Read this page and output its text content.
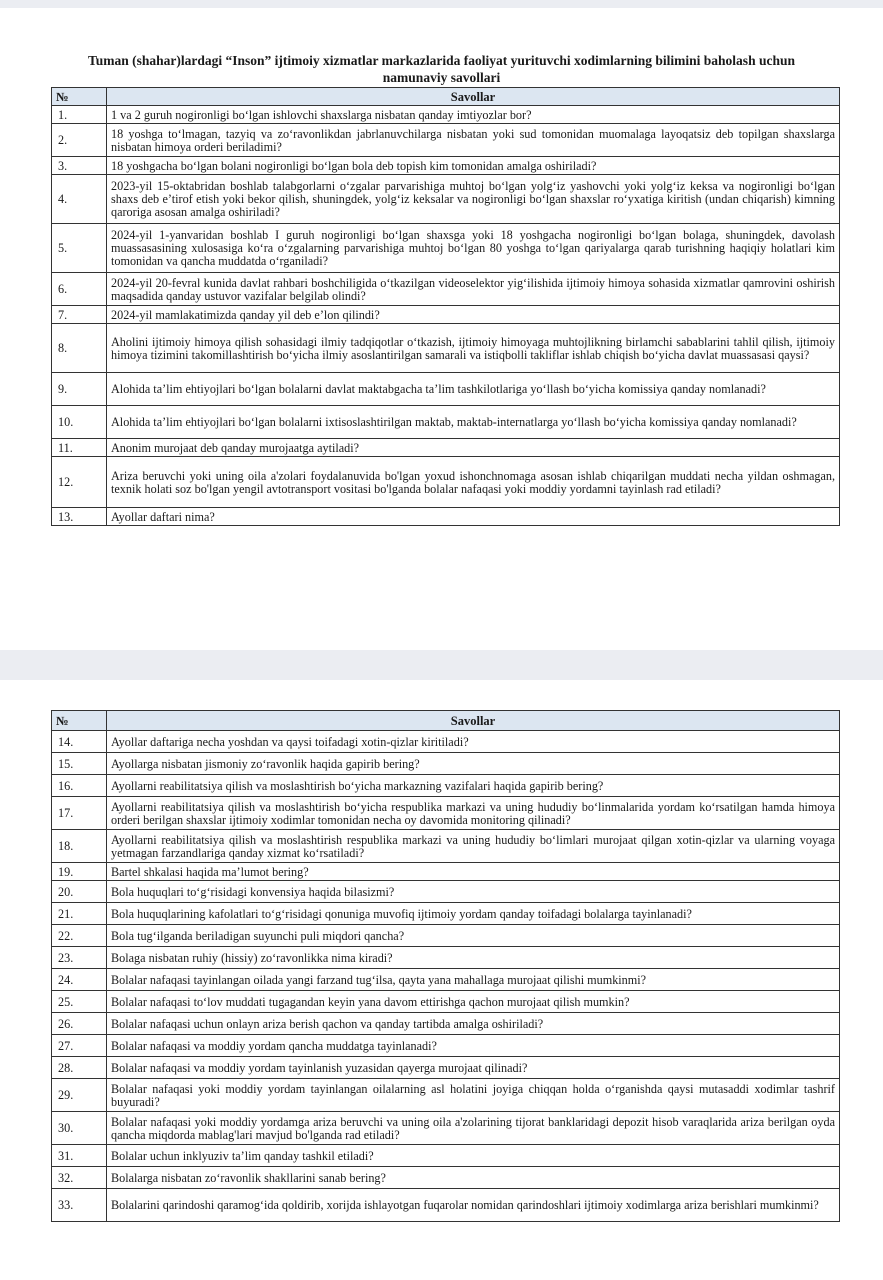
Tuman (shahar)lardagi “Inson” ijtimoiy xizmatlar markazlarida faoliyat yurituvchi xodimlarning bilimini baholash uchun namunaviy savollari
№	Savollar
1.	1 va 2 guruh nogironligi bo‘lgan ishlovchi shaxslarga nisbatan qanday imtiyozlar bor?
2.	18 yoshga to‘lmagan, tazyiq va zo‘ravonlikdan jabrlanuvchilarga nisbatan yoki sud tomonidan muomalaga layoqatsiz deb topilgan shaxslarga nisbatan himoya orderi beriladimi?
3.	18 yoshgacha bo‘lgan bolani nogironligi bo‘lgan bola deb topish kim tomonidan amalga oshiriladi?
4.	2023-yil 15-oktabridan boshlab talabgorlarni o‘zgalar parvarishiga muhtoj bo‘lgan yolg‘iz yashovchi yoki yolg‘iz keksa va nogironligi bo‘lgan shaxs deb e’tirof etish yoki bekor qilish, shuningdek, yolg‘iz keksalar va nogironligi bo‘lgan shaxslar ro‘yxatiga kiritish (undan chiqarish) kimning qaroriga asosan amalga oshiriladi?
5.	2024-yil 1-yanvaridan boshlab I guruh nogironligi bo‘lgan shaxsga yoki 18 yoshgacha nogironligi bo‘lgan bolaga, shuningdek, davolash muassasasining xulosasiga ko‘ra o‘zgalarning parvarishiga muhtoj bo‘lgan 80 yoshga to‘lgan qariyalarga qarab turishning haqiqiy holatlari kim tomonidan va qancha muddatda o‘rganiladi?
6.	2024-yil 20-fevral kunida davlat rahbari boshchiligida o‘tkazilgan videoselektor yig‘ilishida ijtimoiy himoya sohasida xizmatlar qamrovini oshirish maqsadida qanday ustuvor vazifalar belgilab olindi?
7.	2024-yil mamlakatimizda qanday yil deb e’lon qilindi?
8.	Aholini ijtimoiy himoya qilish sohasidagi ilmiy tadqiqotlar o‘tkazish, ijtimoiy himoyaga muhtojlikning birlamchi sabablarini tahlil qilish, ijtimoiy himoya tizimini takomillashtirish bo‘yicha ilmiy asoslantirilgan samarali va istiqbolli takliflar ishlab chiqish bo‘yicha davlat muassasasi qaysi?
9.	Alohida ta’lim ehtiyojlari bo‘lgan bolalarni davlat maktabgacha ta’lim tashkilotlariga yo‘llash bo‘yicha komissiya qanday nomlanadi?
10.	Alohida ta’lim ehtiyojlari bo‘lgan bolalarni ixtisoslashtirilgan maktab, maktab-internatlarga yo‘llash bo‘yicha komissiya qanday nomlanadi?
11.	Anonim murojaat deb qanday murojaatga aytiladi?
12.	Ariza beruvchi yoki uning oila a'zolari foydalanuvida bo'lgan yoxud ishonchnomaga asosan ishlab chiqarilgan muddati necha yildan oshmagan, texnik holati soz bo'lgan yengil avtotransport vositasi bo'lganda bolalar nafaqasi yoki moddiy yordamni tayinlash rad etiladi?
13.	Ayollar daftari nima?
№	Savollar
14.	Ayollar daftariga necha yoshdan va qaysi toifadagi xotin-qizlar kiritiladi?
15.	Ayollarga nisbatan jismoniy zo‘ravonlik haqida gapirib bering?
16.	Ayollarni reabilitatsiya qilish va moslashtirish bo‘yicha markazning vazifalari haqida gapirib bering?
17.	Ayollarni reabilitatsiya qilish va moslashtirish bo‘yicha respublika markazi va uning hududiy bo‘linmalarida yordam ko‘rsatilgan hamda himoya orderi berilgan shaxslar ijtimoiy xodimlar tomonidan necha oy davomida monitoring qilinadi?
18.	Ayollarni reabilitatsiya qilish va moslashtirish respublika markazi va uning hududiy bo‘limlari murojaat qilgan xotin-qizlar va ularning voyaga yetmagan farzandlariga qanday xizmat ko‘rsatiladi?
19.	Bartel shkalasi haqida ma’lumot bering?
20.	Bola huquqlari to‘g‘risidagi konvensiya haqida bilasizmi?
21.	Bola huquqlarining kafolatlari to‘g‘risidagi qonuniga muvofiq ijtimoiy yordam qanday toifadagi bolalarga tayinlanadi?
22.	Bola tug‘ilganda beriladigan suyunchi puli miqdori qancha?
23.	Bolaga nisbatan ruhiy (hissiy) zo‘ravonlikka nima kiradi?
24.	Bolalar nafaqasi tayinlangan oilada yangi farzand tug‘ilsa, qayta yana mahallaga murojaat qilishi mumkinmi?
25.	Bolalar nafaqasi to‘lov muddati tugagandan keyin yana davom ettirishga qachon murojaat qilish mumkin?
26.	Bolalar nafaqasi uchun onlayn ariza berish qachon va qanday tartibda amalga oshiriladi?
27.	Bolalar nafaqasi va moddiy yordam qancha muddatga tayinlanadi?
28.	Bolalar nafaqasi va moddiy yordam tayinlanish yuzasidan qayerga murojaat qilinadi?
29.	Bolalar nafaqasi yoki moddiy yordam tayinlangan oilalarning asl holatini joyiga chiqqan holda o‘rganishda qaysi mutasaddi xodimlar tashrif buyuradi?
30.	Bolalar nafaqasi yoki moddiy yordamga ariza beruvchi va uning oila a'zolarining tijorat banklaridagi depozit hisob varaqlarida ariza berilgan oyda qancha miqdorda mablag'lari mavjud bo'lganda rad etiladi?
31.	Bolalar uchun inklyuziv ta’lim qanday tashkil etiladi?
32.	Bolalarga nisbatan zo‘ravonlik shakllarini sanab bering?
33.	Bolalarini qarindoshi qaramog‘ida qoldirib, xorijda ishlayotgan fuqarolar nomidan qarindoshlari ijtimoiy xodimlarga ariza berishlari mumkinmi?
